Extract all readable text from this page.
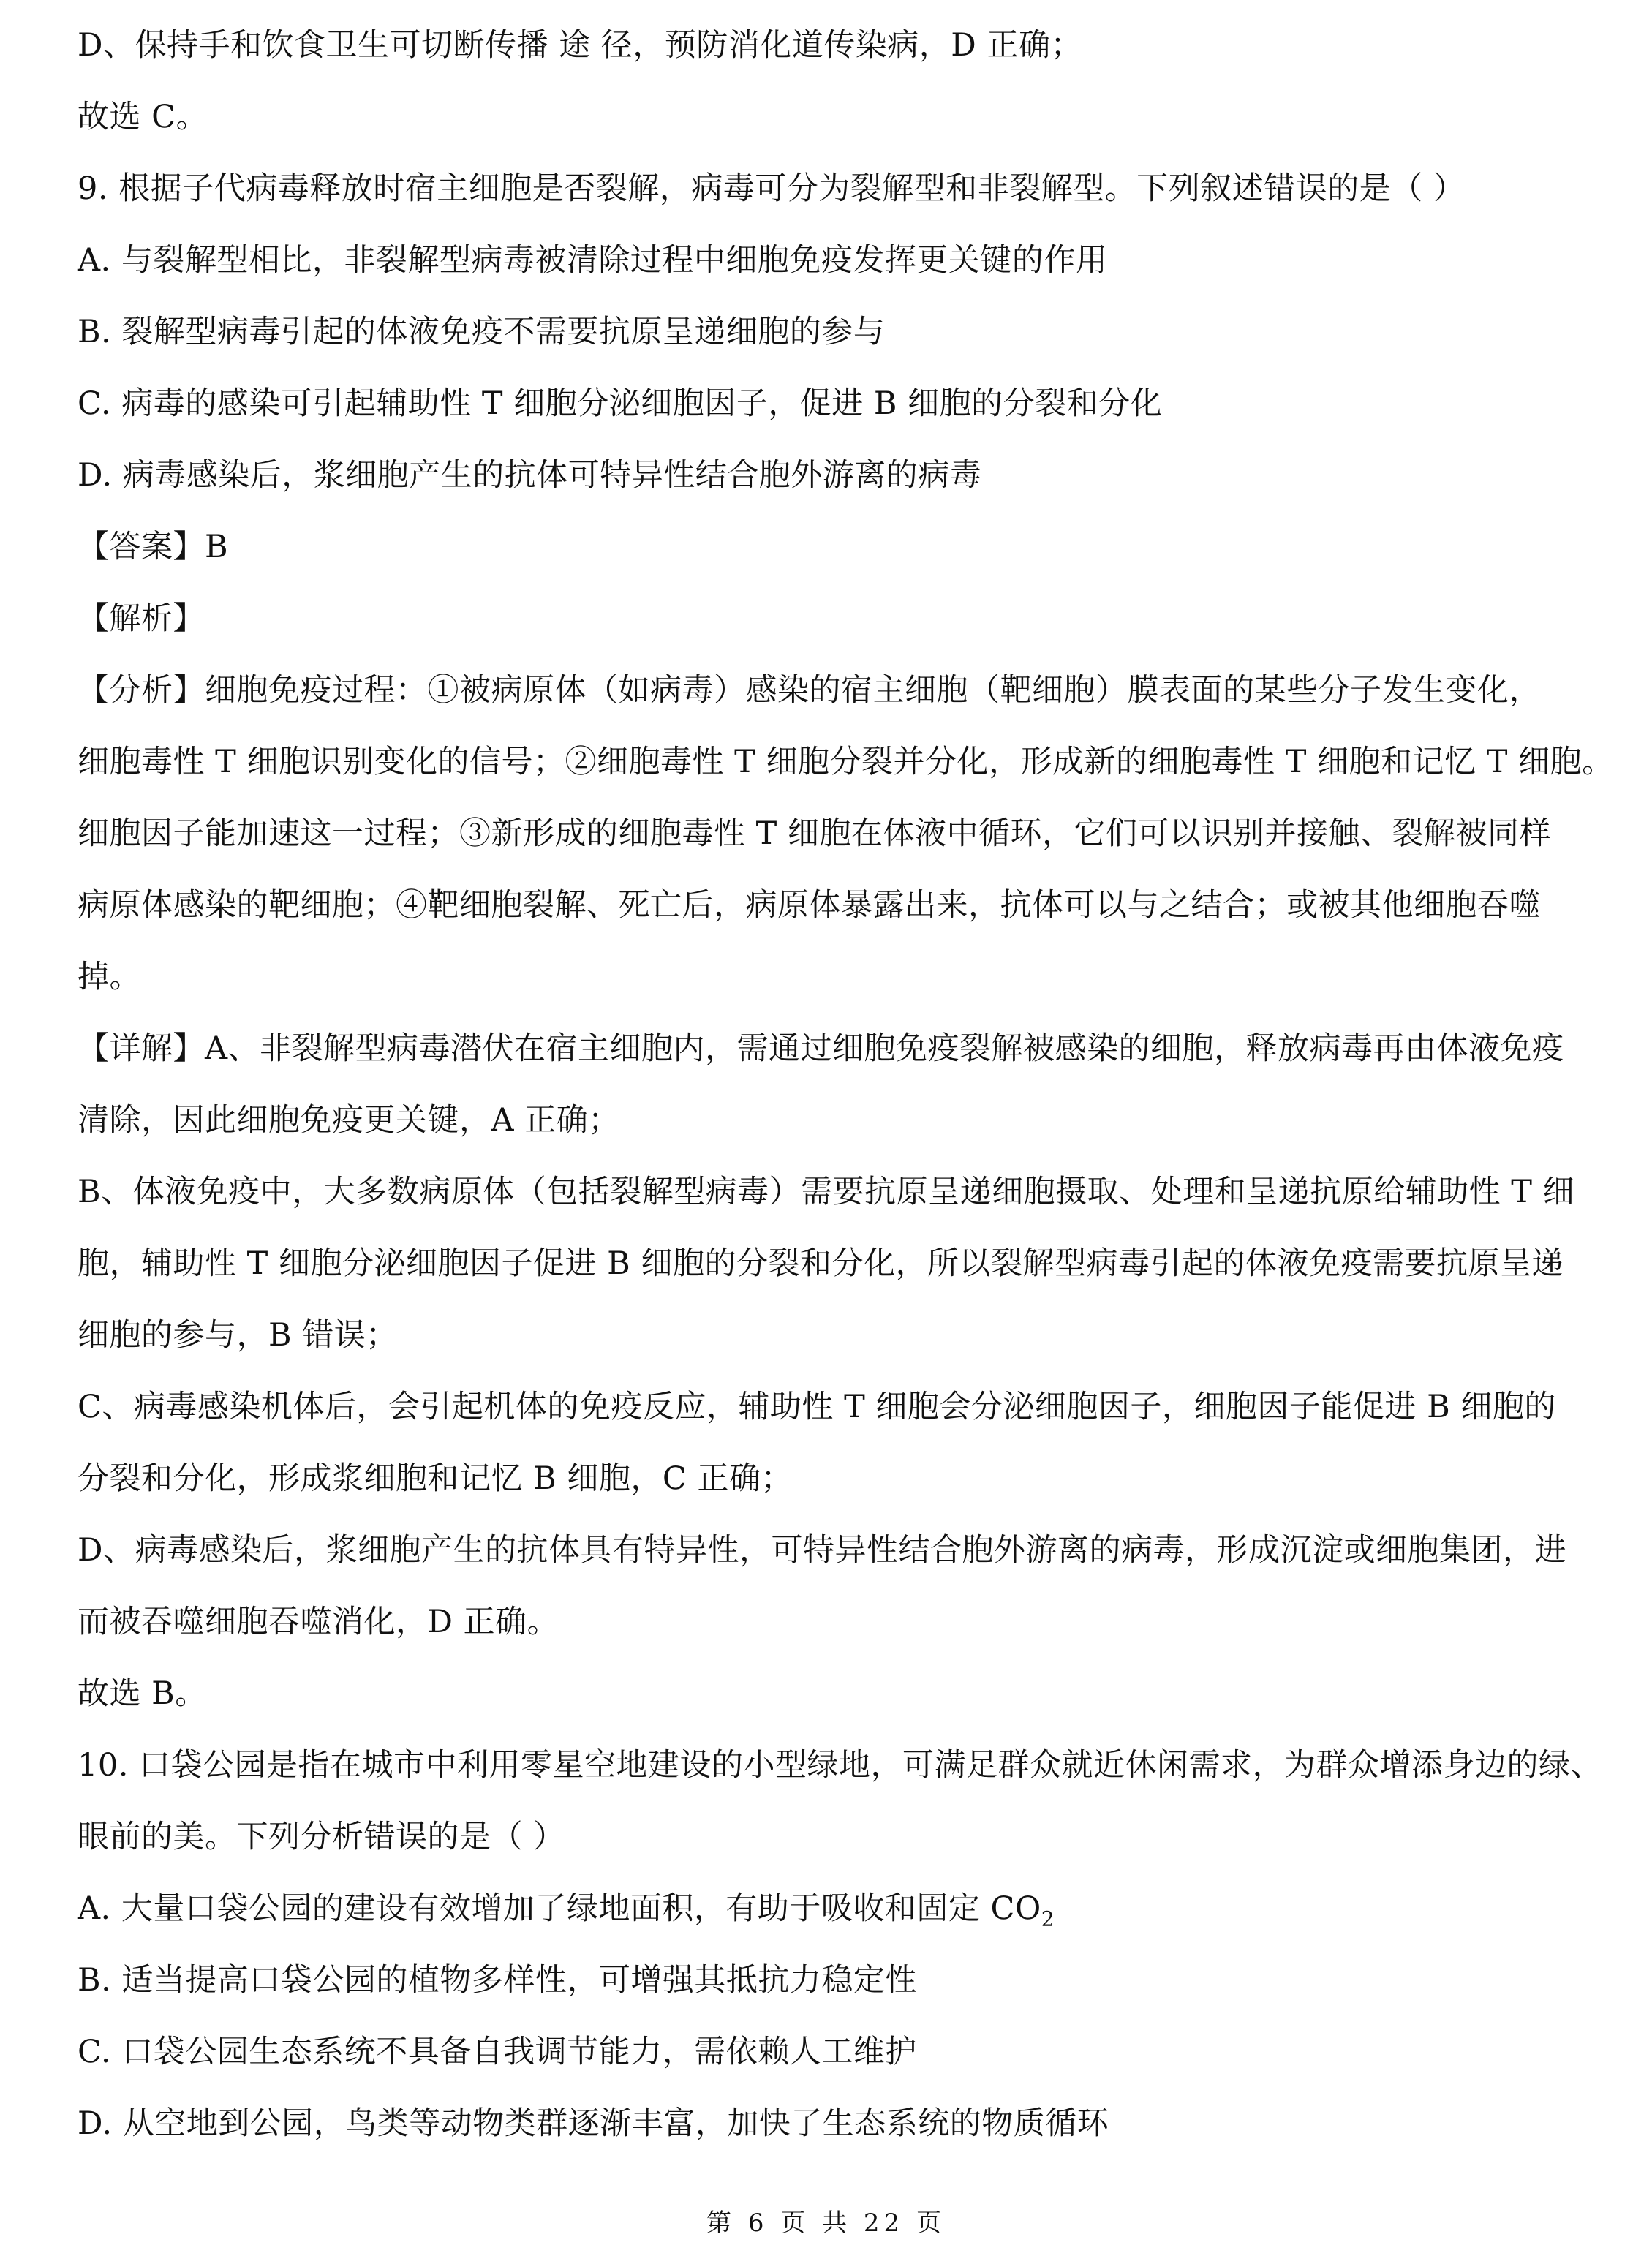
D、保持手和饮食卫生可切断传播 途 径，预防消化道传染病，D 正确；
故选 C。
9. 根据子代病毒释放时宿主细胞是否裂解，病毒可分为裂解型和非裂解型。下列叙述错误的是（ ）
A. 与裂解型相比，非裂解型病毒被清除过程中细胞免疫发挥更关键的作用
B. 裂解型病毒引起的体液免疫不需要抗原呈递细胞的参与
C. 病毒的感染可引起辅助性 T 细胞分泌细胞因子，促进 B 细胞的分裂和分化
D. 病毒感染后，浆细胞产生的抗体可特异性结合胞外游离的病毒
【答案】B
【解析】
【分析】细胞免疫过程：①被病原体（如病毒）感染的宿主细胞（靶细胞）膜表面的某些分子发生变化，
细胞毒性 T 细胞识别变化的信号；②细胞毒性 T 细胞分裂并分化，形成新的细胞毒性 T 细胞和记忆 T 细胞。
细胞因子能加速这一过程；③新形成的细胞毒性 T 细胞在体液中循环，它们可以识别并接触、裂解被同样
病原体感染的靶细胞；④靶细胞裂解、死亡后，病原体暴露出来，抗体可以与之结合；或被其他细胞吞噬
掉。
【详解】A、非裂解型病毒潜伏在宿主细胞内，需通过细胞免疫裂解被感染的细胞，释放病毒再由体液免疫
清除，因此细胞免疫更关键，A 正确；
B、体液免疫中，大多数病原体（包括裂解型病毒）需要抗原呈递细胞摄取、处理和呈递抗原给辅助性 T 细
胞，辅助性 T 细胞分泌细胞因子促进 B 细胞的分裂和分化，所以裂解型病毒引起的体液免疫需要抗原呈递
细胞的参与，B 错误；
C、病毒感染机体后，会引起机体的免疫反应，辅助性 T 细胞会分泌细胞因子，细胞因子能促进 B 细胞的
分裂和分化，形成浆细胞和记忆 B 细胞，C 正确；
D、病毒感染后，浆细胞产生的抗体具有特异性，可特异性结合胞外游离的病毒，形成沉淀或细胞集团，进
而被吞噬细胞吞噬消化，D 正确。
故选 B。
10. 口袋公园是指在城市中利用零星空地建设的小型绿地，可满足群众就近休闲需求，为群众增添身边的绿、
眼前的美。下列分析错误的是（ ）
A. 大量口袋公园的建设有效增加了绿地面积，有助于吸收和固定 $CO_2$
B. 适当提高口袋公园的植物多样性，可增强其抵抗力稳定性
C. 口袋公园生态系统不具备自我调节能力，需依赖人工维护
D. 从空地到公园，鸟类等动物类群逐渐丰富，加快了生态系统的物质循环
第 6 页 共 22 页
